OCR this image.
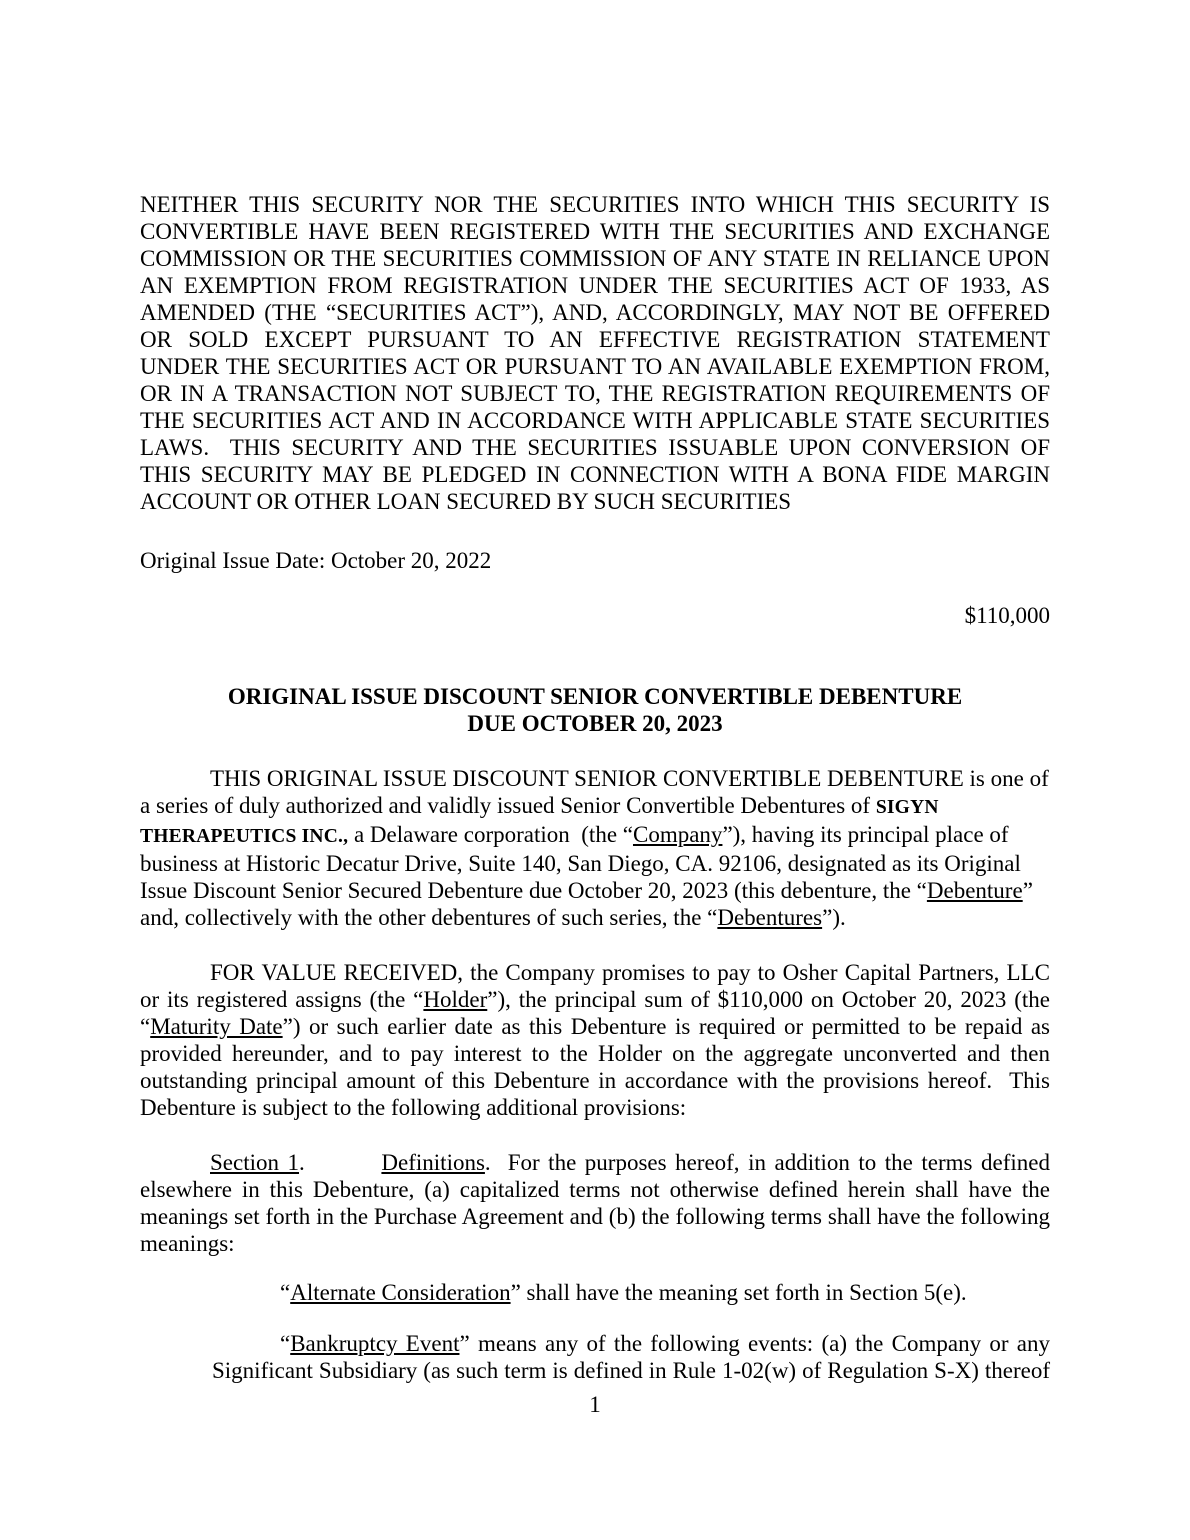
NEITHER THIS SECURITY NOR THE SECURITIES INTO WHICH THIS SECURITY IS CONVERTIBLE HAVE BEEN REGISTERED WITH THE SECURITIES AND EXCHANGE COMMISSION OR THE SECURITIES COMMISSION OF ANY STATE IN RELIANCE UPON AN EXEMPTION FROM REGISTRATION UNDER THE SECURITIES ACT OF 1933, AS AMENDED (THE “SECURITIES ACT”), AND, ACCORDINGLY, MAY NOT BE OFFERED OR SOLD EXCEPT PURSUANT TO AN EFFECTIVE REGISTRATION STATEMENT UNDER THE SECURITIES ACT OR PURSUANT TO AN AVAILABLE EXEMPTION FROM, OR IN A TRANSACTION NOT SUBJECT TO, THE REGISTRATION REQUIREMENTS OF THE SECURITIES ACT AND IN ACCORDANCE WITH APPLICABLE STATE SECURITIES LAWS.  THIS SECURITY AND THE SECURITIES ISSUABLE UPON CONVERSION OF THIS SECURITY MAY BE PLEDGED IN CONNECTION WITH A BONA FIDE MARGIN ACCOUNT OR OTHER LOAN SECURED BY SUCH SECURITIES

Original Issue Date: October 20, 2022

$110,000

ORIGINAL ISSUE DISCOUNT SENIOR CONVERTIBLE DEBENTURE
DUE OCTOBER 20, 2023

THIS ORIGINAL ISSUE DISCOUNT SENIOR CONVERTIBLE DEBENTURE is one of a series of duly authorized and validly issued Senior Convertible Debentures of SIGYN THERAPEUTICS INC., a Delaware corporation  (the “Company”), having its principal place of business at Historic Decatur Drive, Suite 140, San Diego, CA. 92106, designated as its Original Issue Discount Senior Secured Debenture due October 20, 2023 (this debenture, the “Debenture” and, collectively with the other debentures of such series, the “Debentures”).

FOR VALUE RECEIVED, the Company promises to pay to Osher Capital Partners, LLC or its registered assigns (the “Holder”), the principal sum of $110,000 on October 20, 2023 (the “Maturity Date”) or such earlier date as this Debenture is required or permitted to be repaid as provided hereunder, and to pay interest to the Holder on the aggregate unconverted and then outstanding principal amount of this Debenture in accordance with the provisions hereof.  This Debenture is subject to the following additional provisions:

Section 1.         Definitions.  For the purposes hereof, in addition to the terms defined elsewhere in this Debenture, (a) capitalized terms not otherwise defined herein shall have the meanings set forth in the Purchase Agreement and (b) the following terms shall have the following meanings:

“Alternate Consideration” shall have the meaning set forth in Section 5(e).

“Bankruptcy Event” means any of the following events: (a) the Company or any Significant Subsidiary (as such term is defined in Rule 1-02(w) of Regulation S-X) thereof

1
